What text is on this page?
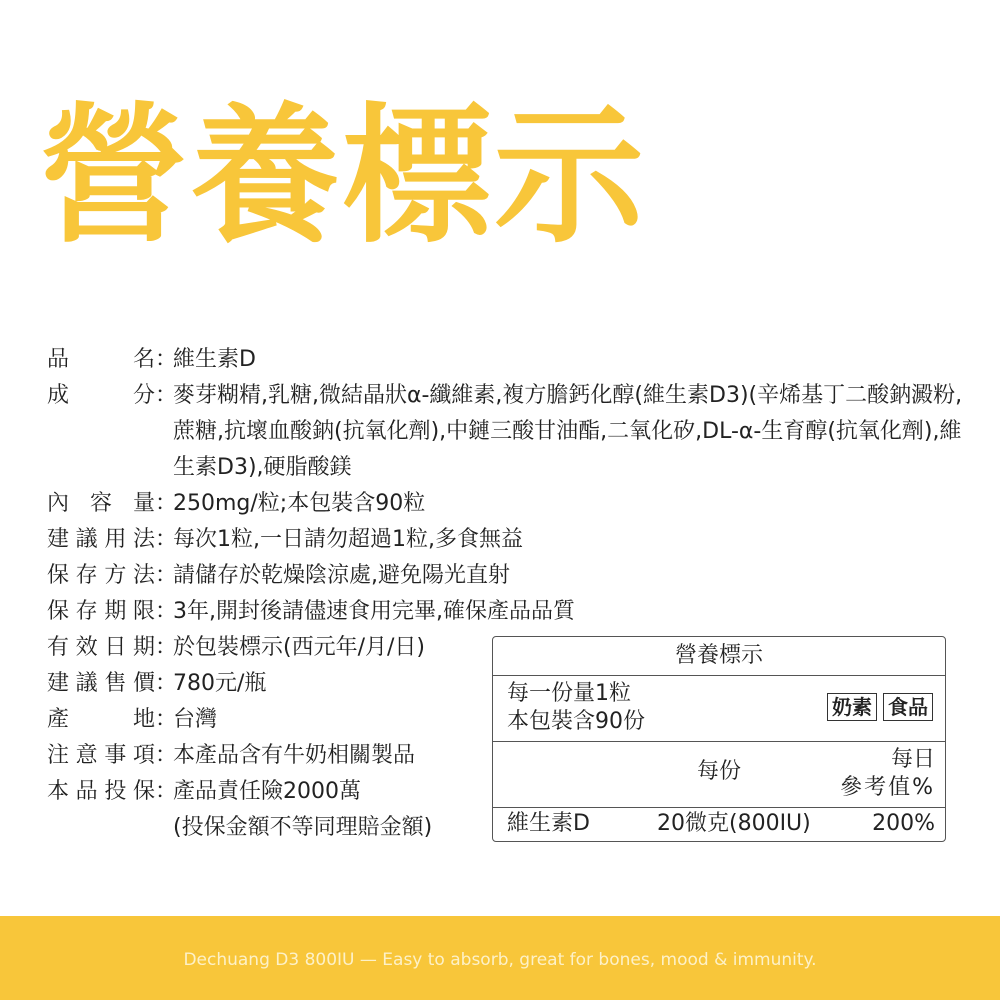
營養標示
品	名 ：
維生素D
成	分 ：
麥芽糊精,乳糖,微結晶狀α-纖維素,複方膽鈣化醇(維生素D3)(辛烯基丁二酸鈉澱粉,蔗糖,抗壞血酸鈉(抗氧化劑),中鏈三酸甘油酯,二氧化矽,DL-α-生育醇(抗氧化劑),維生素D3),硬脂酸鎂
內 容 量 ：
250mg/粒;本包裝含90粒
建 議 用 法 ：
每次1粒,一日請勿超過1粒,多食無益
保 存 方 法 ：
請儲存於乾燥陰涼處,避免陽光直射
保 存 期 限 ：
3年,開封後請儘速食用完畢,確保產品品質
有 效 日 期 ：
於包裝標示(西元年/月/日)
建 議 售 價 ：
780元/瓶
產	地 ：
台灣
注 意 事 項 ：
本產品含有牛奶相關製品
本 品 投 保 ：
產品責任險2000萬
(投保金額不等同理賠金額)
營養標示
每一份量1粒
本包裝含90份
奶素 食品
每份	每日
參考值%
維生素D	20微克(800IU)	200%
Dechuang D3 800IU — Easy to absorb, great for bones, mood & immunity.
